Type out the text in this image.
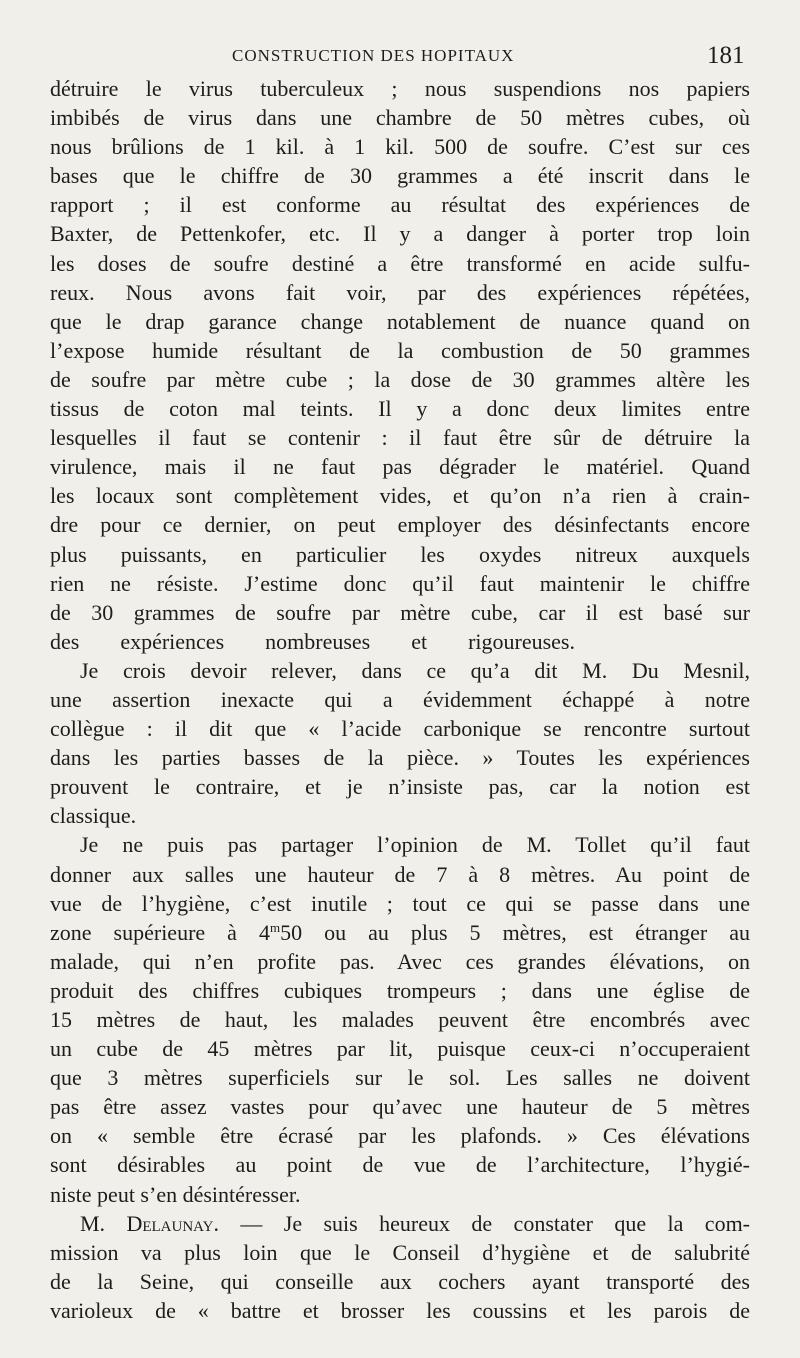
CONSTRUCTION DES HOPITAUX	181
détruire le virus tuberculeux ; nous suspendions nos papiers
imbibés de virus dans une chambre de 50 mètres cubes, où
nous brûlions de 1 kil. à 1 kil. 500 de soufre. C’est sur ces
bases que le chiffre de 30 grammes a été inscrit dans le
rapport ; il est conforme au résultat des expériences de
Baxter, de Pettenkofer, etc. Il y a danger à porter trop loin
les doses de soufre destiné a être transformé en acide sulfu-
reux. Nous avons fait voir, par des expériences répétées,
que le drap garance change notablement de nuance quand on
l’expose humide résultant de la combustion de 50 grammes
de soufre par mètre cube ; la dose de 30 grammes altère les
tissus de coton mal teints. Il y a donc deux limites entre
lesquelles il faut se contenir : il faut être sûr de détruire la
virulence, mais il ne faut pas dégrader le matériel. Quand
les locaux sont complètement vides, et qu’on n’a rien à crain-
dre pour ce dernier, on peut employer des désinfectants encore
plus puissants, en particulier les oxydes nitreux auxquels
rien ne résiste. J’estime donc qu’il faut maintenir le chiffre
de 30 grammes de soufre par mètre cube, car il est basé sur
des expériences nombreuses et rigoureuses.
Je crois devoir relever, dans ce qu’a dit M. Du Mesnil,
une assertion inexacte qui a évidemment échappé à notre
collègue : il dit que « l’acide carbonique se rencontre surtout
dans les parties basses de la pièce. » Toutes les expériences
prouvent le contraire, et je n’insiste pas, car la notion est
classique.
Je ne puis pas partager l’opinion de M. Tollet qu’il faut
donner aux salles une hauteur de 7 à 8 mètres. Au point de
vue de l’hygiène, c’est inutile ; tout ce qui se passe dans une
zone supérieure à 4$^m$50 ou au plus 5 mètres, est étranger au
malade, qui n’en profite pas. Avec ces grandes élévations, on
produit des chiffres cubiques trompeurs ; dans une église de
15 mètres de haut, les malades peuvent être encombrés avec
un cube de 45 mètres par lit, puisque ceux-ci n’occuperaient
que 3 mètres superficiels sur le sol. Les salles ne doivent
pas être assez vastes pour qu’avec une hauteur de 5 mètres
on « semble être écrasé par les plafonds. » Ces élévations
sont désirables au point de vue de l’architecture, l’hygié-
niste peut s’en désintéresser.
M. Delaunay. — Je suis heureux de constater que la com-
mission va plus loin que le Conseil d’hygiène et de salubrité
de la Seine, qui conseille aux cochers ayant transporté des
varioleux de « battre et brosser les coussins et les parois de
